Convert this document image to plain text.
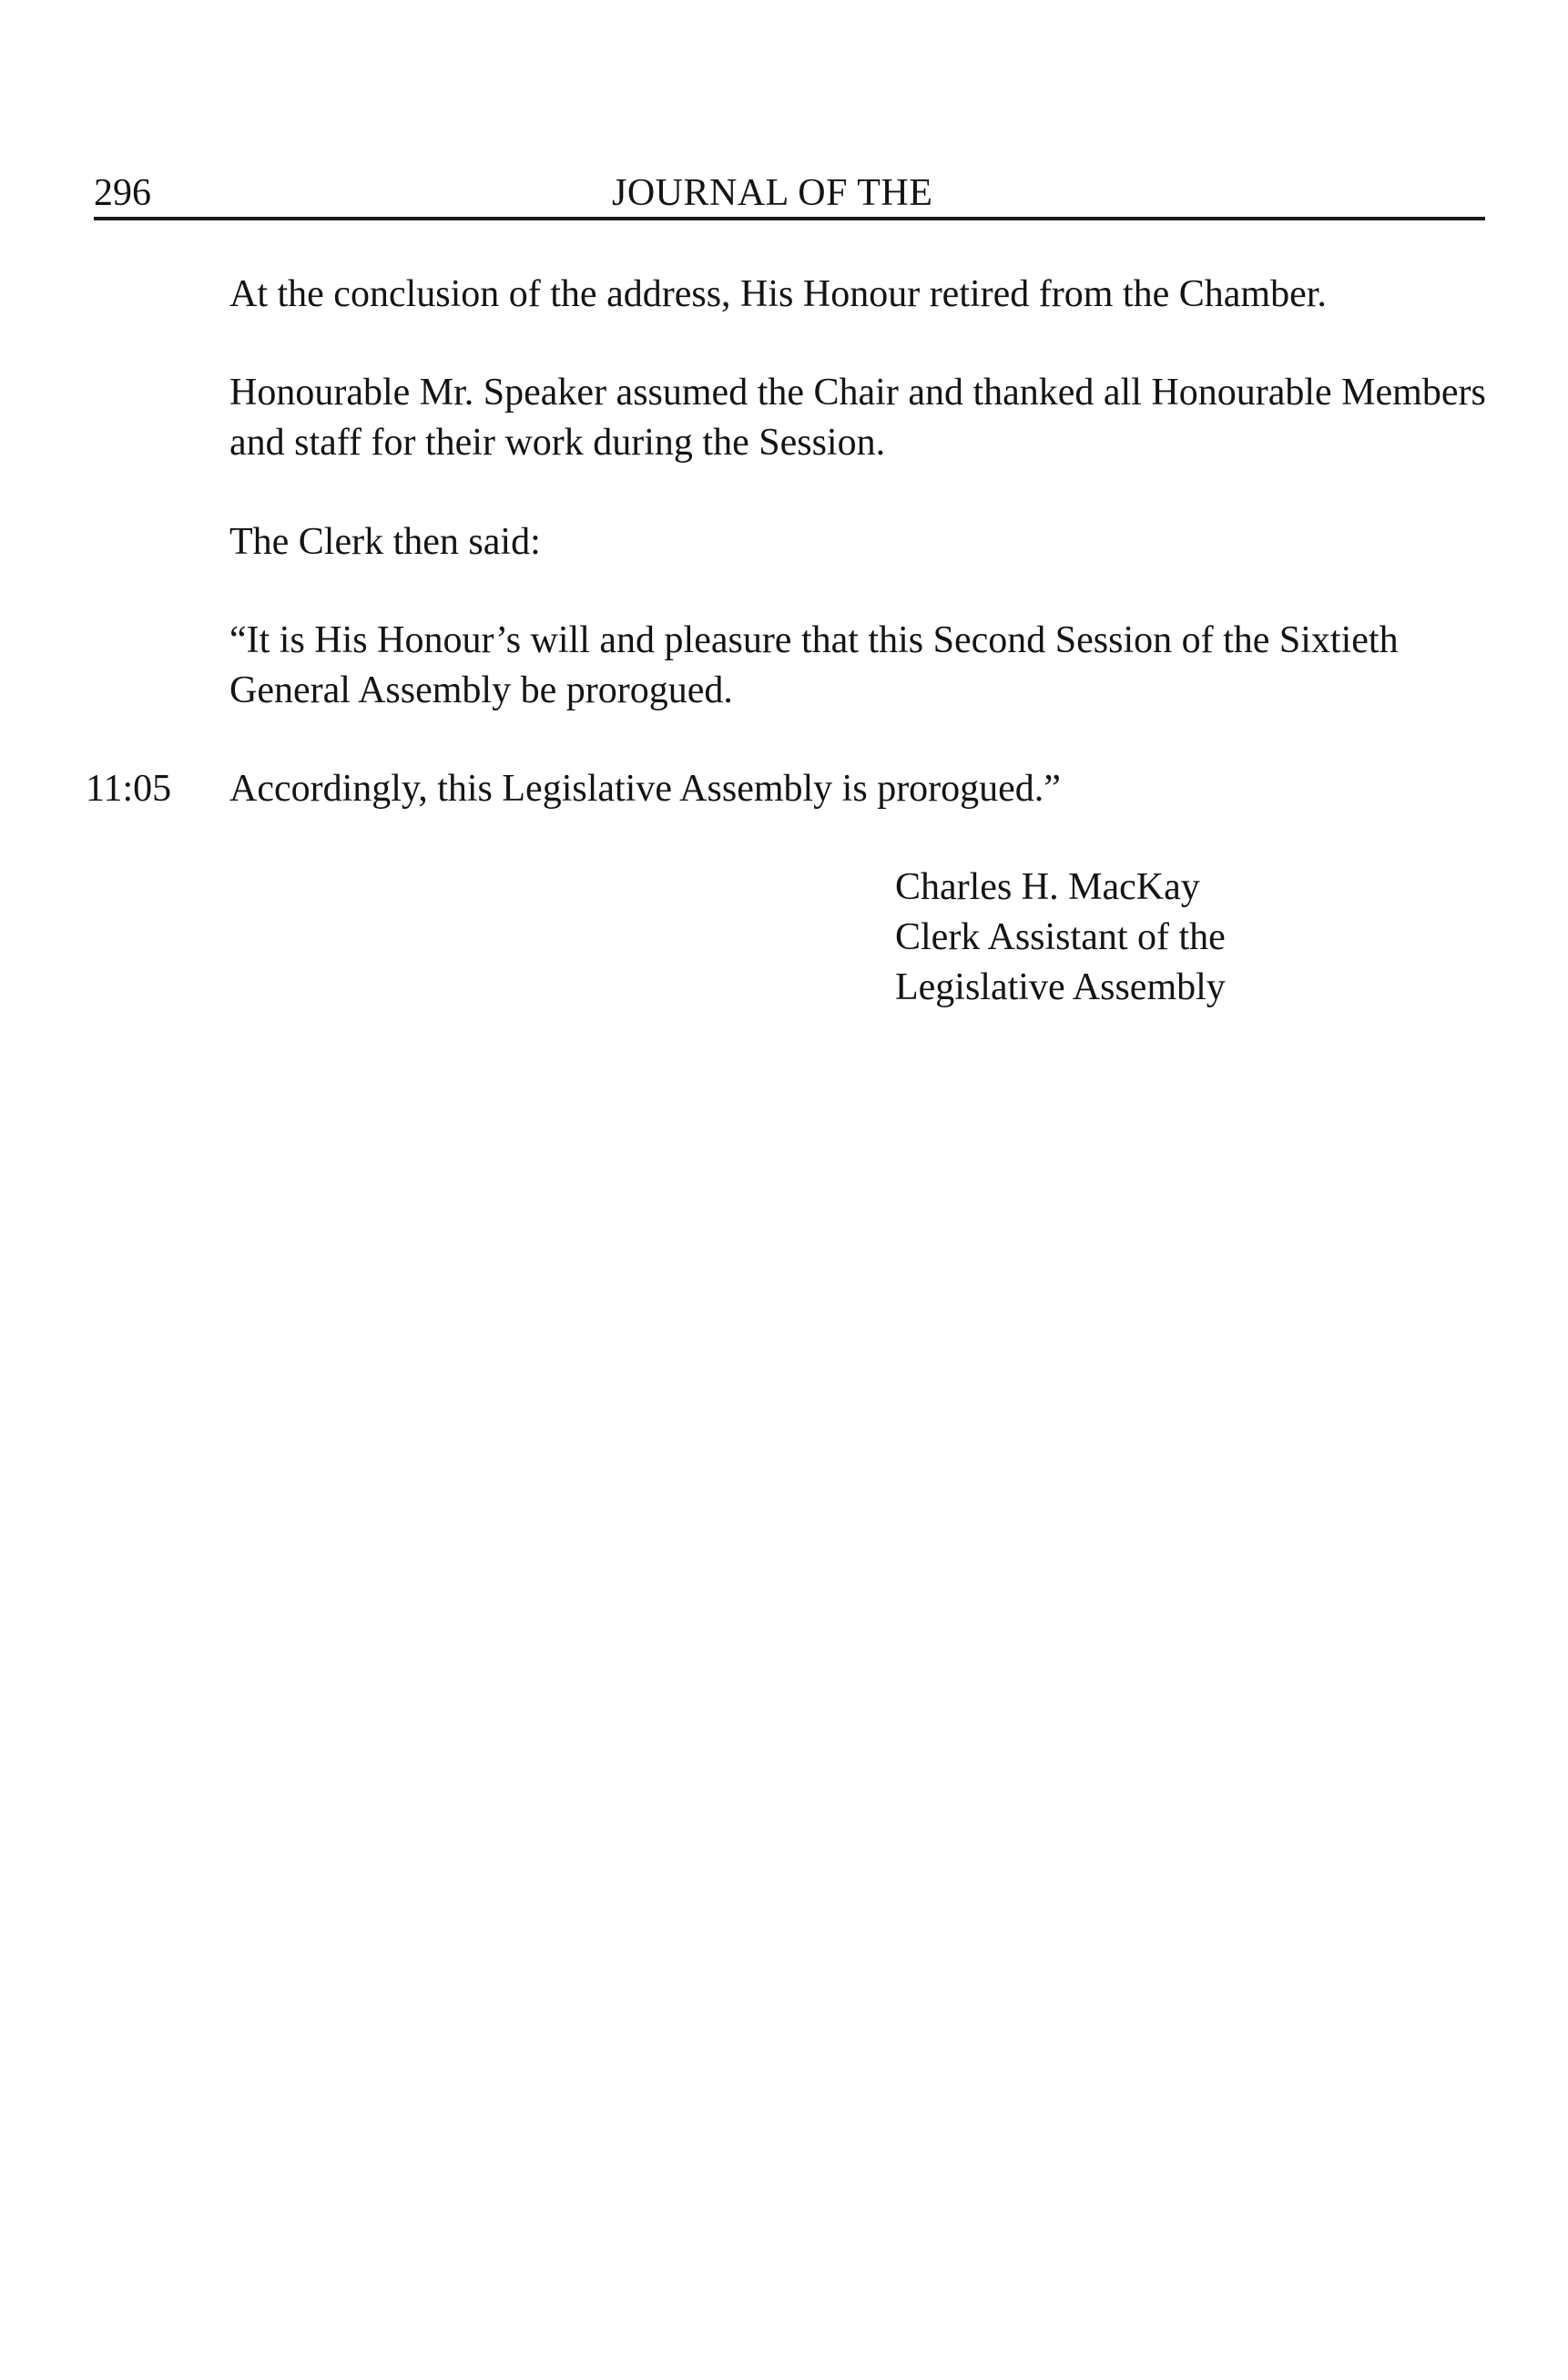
296	JOURNAL OF THE

At the conclusion of the address, His Honour retired from the Chamber.

Honourable Mr. Speaker assumed the Chair and thanked all Honourable Members and staff for their work during the Session.

The Clerk then said:

“It is His Honour’s will and pleasure that this Second Session of the Sixtieth General Assembly be prorogued.

11:05 Accordingly, this Legislative Assembly is prorogued.”

Charles H. MacKay
Clerk Assistant of the
Legislative Assembly
